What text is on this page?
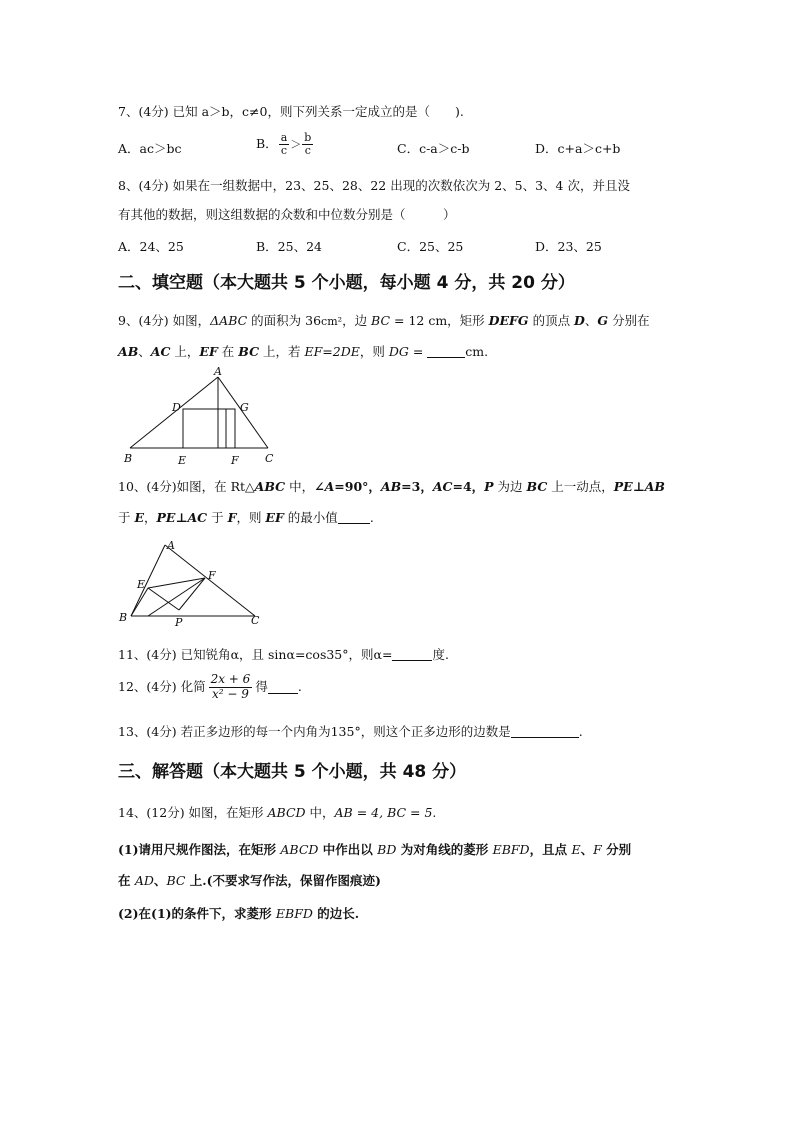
7、(4分) 已知 a＞b，c≠0，则下列关系一定成立的是（　　).
A．ac＞bc	B． $\frac{a}{c} > \frac{b}{c}$	C．c-a＞c-b	D．c+a＞c+b
8、(4分) 如果在一组数据中，23、25、28、22 出现的次数依次为 2、5、3、4 次，并且没
有其他的数据，则这组数据的众数和中位数分别是（　　　）
A．24、25	B．25、24	C．25、25	D．23、25
二、填空题（本大题共 5 个小题，每小题 4 分，共 20 分）
9、(4分) 如图，ΔABC 的面积为 36cm²，边 BC = 12 cm，矩形 DEFG 的顶点 D、G 分别在
AB、AC 上，EF 在 BC 上，若 EF=2DE，则 DG =	cm.
A
D	G
B	E	F C
10、(4分)如图，在 Rt△ABC 中，∠A=90°，AB=3，AC=4，P 为边 BC 上一动点，PE⊥AB
于 E，PE⊥AC 于 F，则 EF 的最小值	.
A
E
F
B	P	C
11、(4分) 已知锐角α，且 sinα=cos35°，则α=	度.
12、(4分) 化简 $\frac{2x + 6}{\text{x² − 9}}$ 得 .
13、(4分) 若正多边形的每一个内角为135°，则这个正多边形的边数是	.
三、解答题（本大题共 5 个小题，共 48 分）
14、(12分) 如图，在矩形 ABCD 中，AB = 4, BC = 5.
(1)请用尺规作图法，在矩形 ABCD 中作出以 BD 为对角线的菱形 EBFD，且点 E、F 分别
在 AD、BC 上.(不要求写作法，保留作图痕迹)
(2)在(1)的条件下，求菱形 EBFD 的边长.
